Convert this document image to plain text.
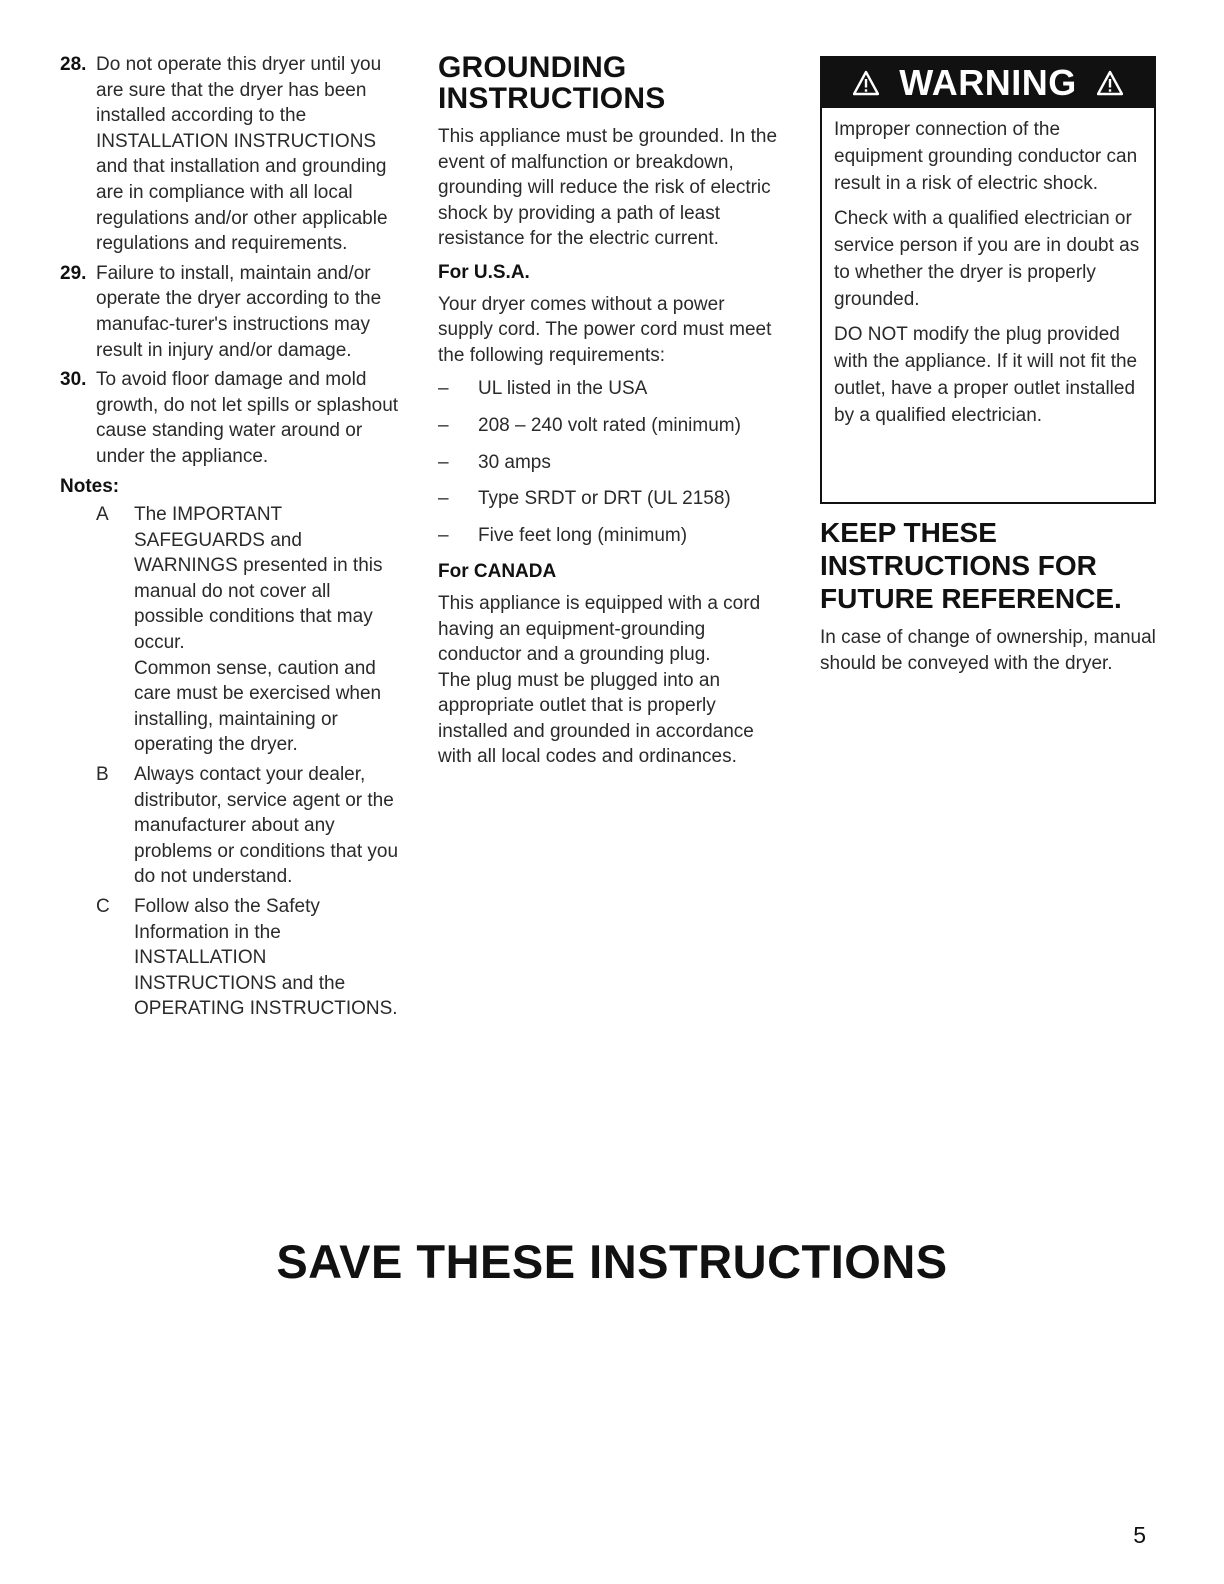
28. Do not operate this dryer until you are sure that the dryer has been installed according to the INSTALLATION INSTRUCTIONS and that installation and grounding are in compliance with all local regulations and/or other applicable regulations and requirements.
29. Failure to install, maintain and/or operate the dryer according to the manufac-turer's instructions may result in injury and/or damage.
30. To avoid floor damage and mold growth, do not let spills or splashout cause standing water around or under the appliance.
Notes:
A The IMPORTANT SAFEGUARDS and WARNINGS presented in this manual do not cover all possible conditions that may occur.
Common sense, caution and care must be exercised when installing, maintaining or operating the dryer.
B Always contact your dealer, distributor, service agent or the manufacturer about any problems or conditions that you do not understand.
C Follow also the Safety Information in the INSTALLATION INSTRUCTIONS and the OPERATING INSTRUCTIONS.
GROUNDING INSTRUCTIONS

This appliance must be grounded. In the event of malfunction or breakdown, grounding will reduce the risk of electric shock by providing a path of least resistance for the electric current.

For U.S.A.

Your dryer comes without a power supply cord. The power cord must meet the following requirements:

– UL listed in the USA
– 208 – 240 volt rated (minimum)
– 30 amps
– Type SRDT or DRT (UL 2158)
– Five feet long (minimum)
For CANADA
This appliance is equipped with a cord having an equipment-grounding conductor and a grounding plug.
The plug must be plugged into an appropriate outlet that is properly installed and grounded in accordance with all local codes and ordinances.
WARNING

Improper connection of the equipment grounding conductor can result in a risk of electric shock.

Check with a qualified electrician or service person if you are in doubt as to whether the dryer is properly grounded.

DO NOT modify the plug provided with the appliance. If it will not fit the outlet, have a proper outlet installed by a qualified electrician.

KEEP THESE INSTRUCTIONS FOR FUTURE REFERENCE.
In case of change of ownership, manual should be conveyed with the dryer.
SAVE THESE INSTRUCTIONS
5
